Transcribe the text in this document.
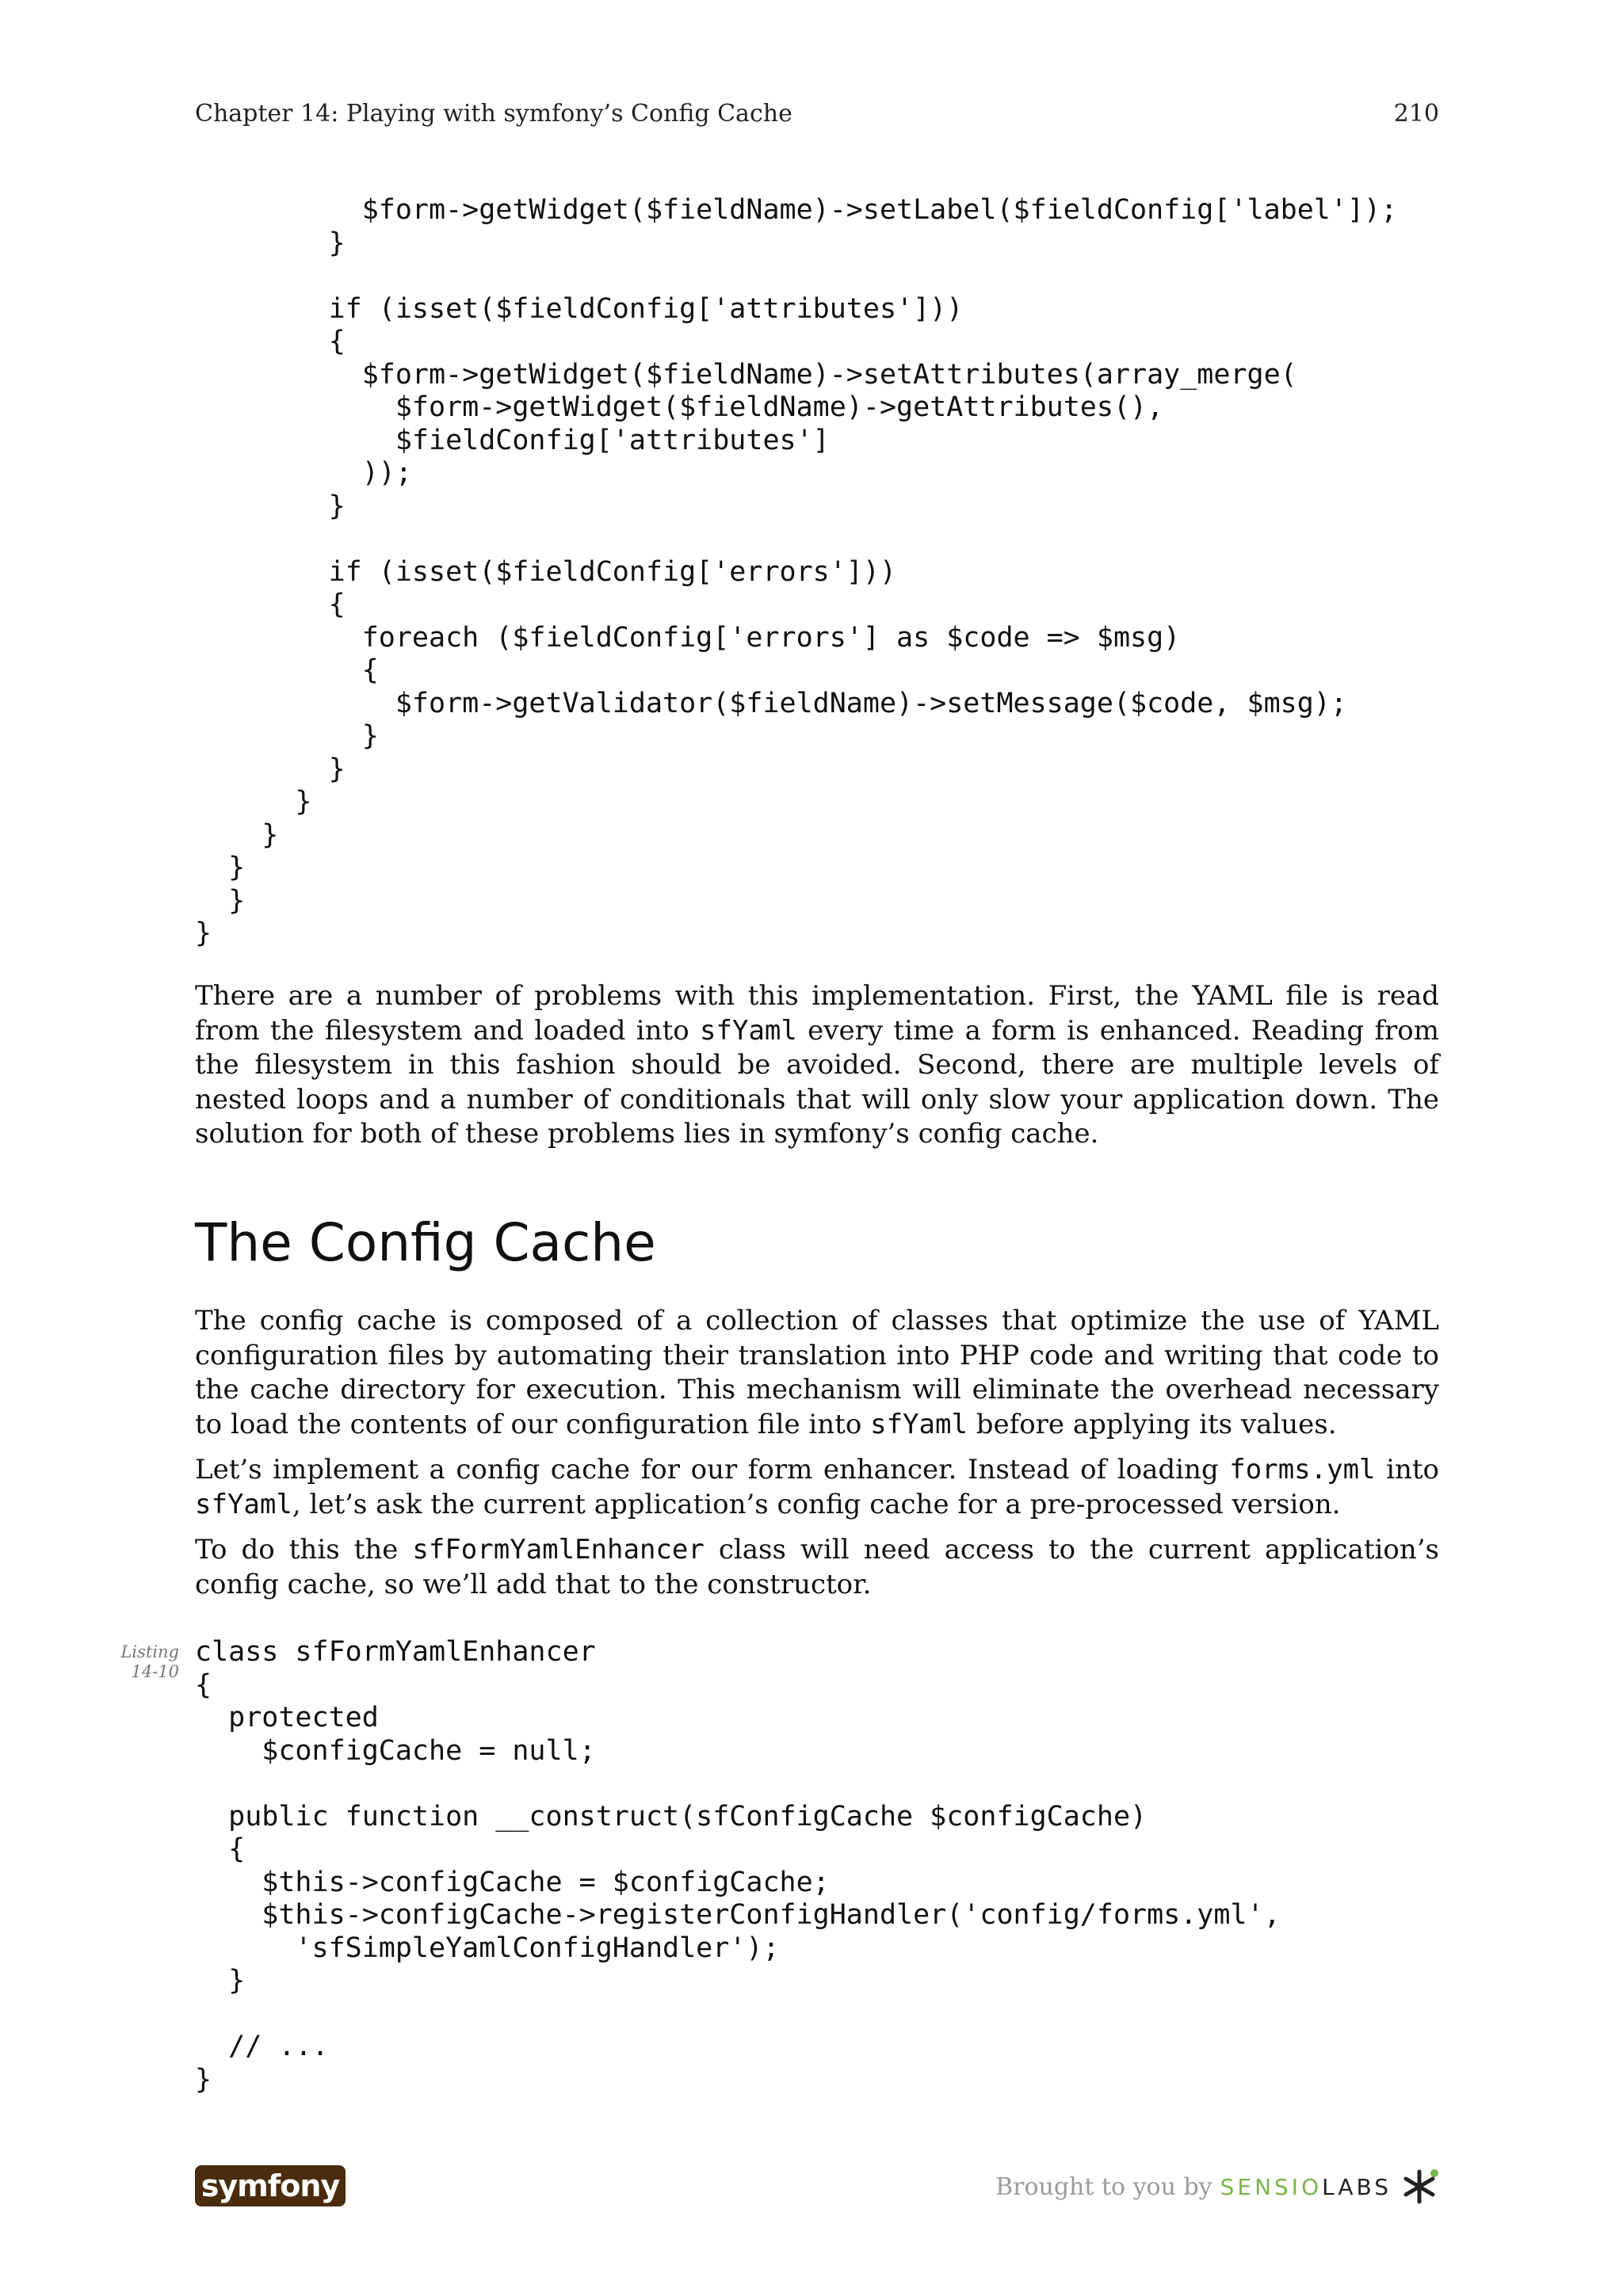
Chapter 14: Playing with symfony’s Config Cache	210
$form->getWidget($fieldName)->setLabel($fieldConfig['label']);
}

if (isset($fieldConfig['attributes']))
{
$form->getWidget($fieldName)->setAttributes(array_merge(
$form->getWidget($fieldName)->getAttributes(),
$fieldConfig['attributes']
));
}

if (isset($fieldConfig['errors']))
{
foreach ($fieldConfig['errors'] as $code => $msg)
{
$form->getValidator($fieldName)->setMessage($code, $msg);
}
}
}
}
}
}
}

There are a number of problems with this implementation. First, the YAML file is read from the filesystem and loaded into sfYaml every time a form is enhanced. Reading from the filesystem in this fashion should be avoided. Second, there are multiple levels of nested loops and a number of conditionals that will only slow your application down. The solution for both of these problems lies in symfony’s config cache.

The Config Cache

The config cache is composed of a collection of classes that optimize the use of YAML configuration files by automating their translation into PHP code and writing that code to the cache directory for execution. This mechanism will eliminate the overhead necessary to load the contents of our configuration file into sfYaml before applying its values.

Let’s implement a config cache for our form enhancer. Instead of loading forms.yml into sfYaml, let’s ask the current application’s config cache for a pre-processed version.

To do this the sfFormYamlEnhancer class will need access to the current application’s config cache, so we’ll add that to the constructor.

Listing
14-10
class sfFormYamlEnhancer
{
protected
$configCache = null;

public function __construct(sfConfigCache $configCache)
{
$this->configCache = $configCache;
$this->configCache->registerConfigHandler('config/forms.yml',
'sfSimpleYamlConfigHandler');
}

// ...
}
symfony	Brought to you by SENSIO LABS
